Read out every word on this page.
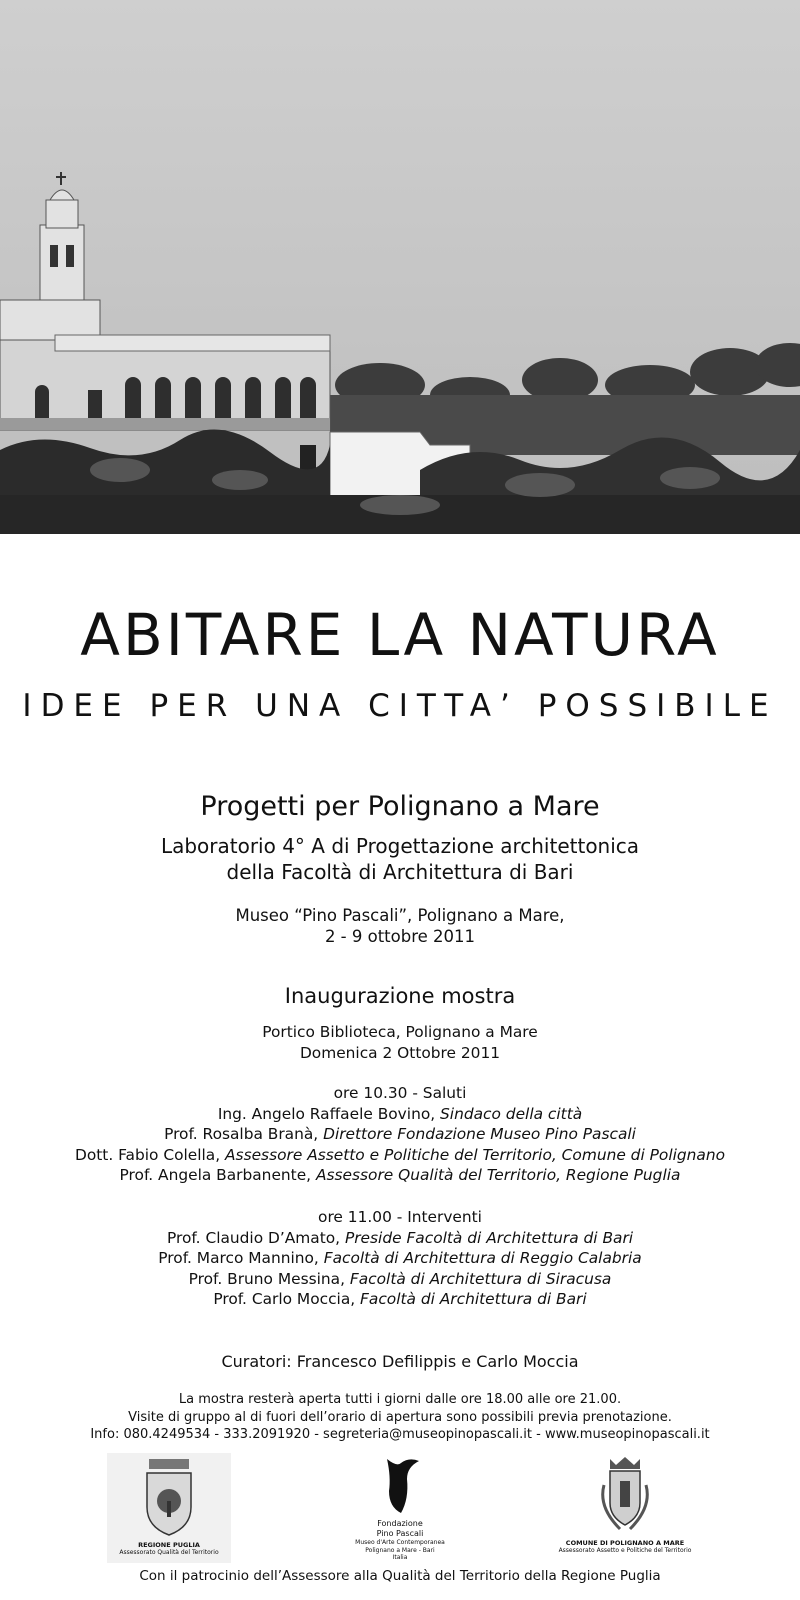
ABITARE LA NATURA
IDEE PER UNA CITTA’ POSSIBILE
Progetti per Polignano a Mare
Laboratorio 4° A di Progettazione architettonica
della Facoltà di Architettura di Bari
Museo “Pino Pascali”, Polignano a Mare,
2 - 9 ottobre 2011
Inaugurazione mostra
Portico Biblioteca, Polignano a Mare
Domenica 2 Ottobre 2011
ore 10.30 - Saluti
Ing. Angelo Raffaele Bovino, Sindaco della città
Prof. Rosalba Branà, Direttore Fondazione Museo Pino Pascali
Dott. Fabio Colella, Assessore Assetto e Politiche del Territorio, Comune di Polignano
Prof. Angela Barbanente, Assessore Qualità del Territorio, Regione Puglia
ore 11.00 - Interventi
Prof. Claudio D’Amato, Preside Facoltà di Architettura di Bari
Prof. Marco Mannino, Facoltà di Architettura di Reggio Calabria
Prof. Bruno Messina, Facoltà di Architettura di Siracusa
Prof. Carlo Moccia, Facoltà di Architettura di Bari
Curatori: Francesco Defilippis e Carlo Moccia
La mostra resterà aperta tutti i giorni dalle ore 18.00 alle ore 21.00.
Visite di gruppo al di fuori dell’orario di apertura sono possibili previa prenotazione.
Info: 080.4249534 - 333.2091920 - segreteria@museopinopascali.it - www.museopinopascali.it
REGIONE PUGLIA
Assessorato Qualità del Territorio
Fondazione
Pino Pascali
Museo d'Arte Contemporanea
Polignano a Mare - Bari
Italia
COMUNE DI POLIGNANO A MARE
Assessorato Assetto e Politiche del Territorio
Con il patrocinio dell’Assessore alla Qualità del Territorio della Regione Puglia
